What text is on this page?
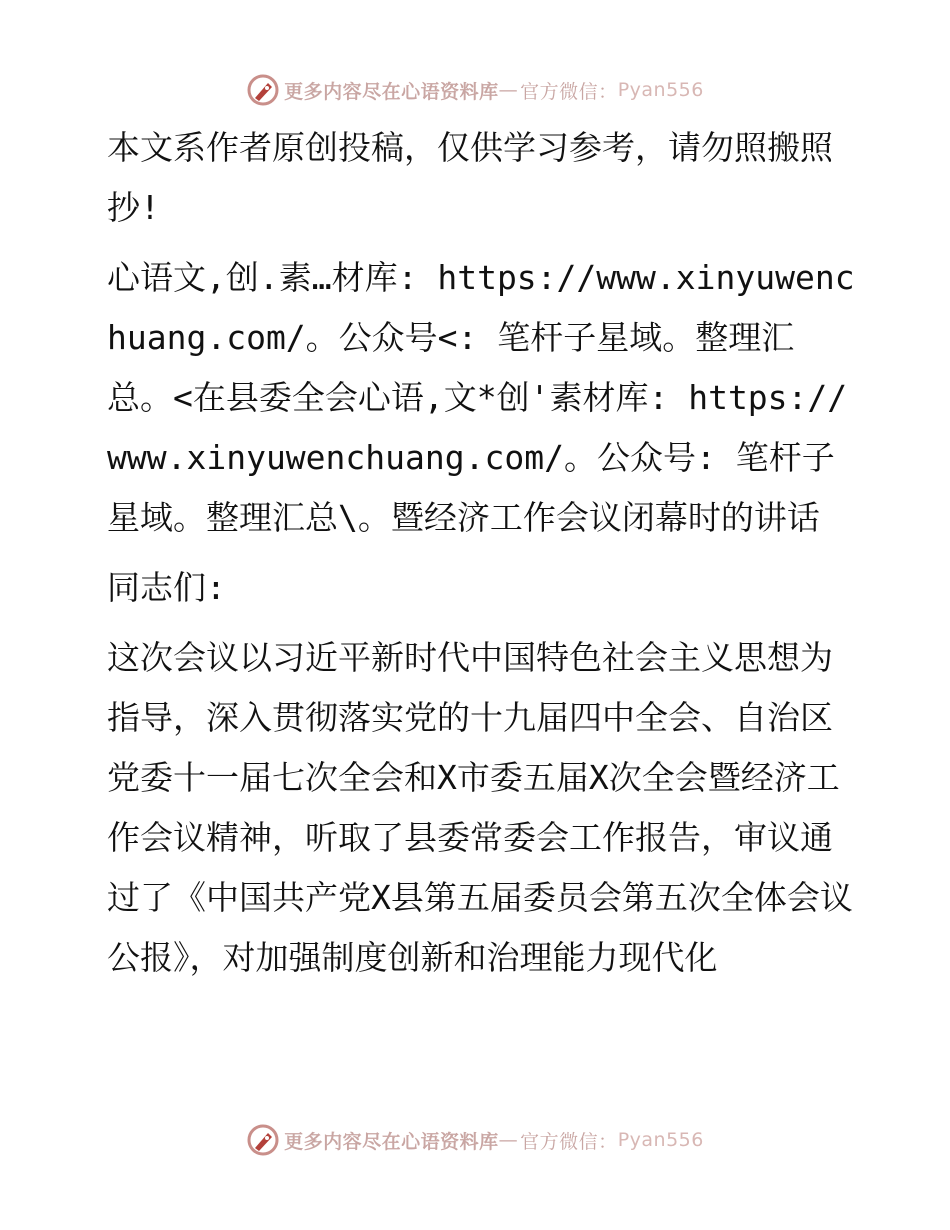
更多内容尽在心语资料库 — 官方微信： Pyan556

本文系作者原创投稿，仅供学习参考，请勿照搬照抄!

心语文,创.素…材库: https://www.xinyuwenchuang.com/。公众号<: 笔杆子星域。整理汇总。<在县委全会心语,文*创'素材库: https://www.xinyuwenchuang.com/。公众号: 笔杆子星域。整理汇总\。暨经济工作会议闭幕时的讲话

同志们:

这次会议以习近平新时代中国特色社会主义思想为指导，深入贯彻落实党的十九届四中全会、自治区党委十一届七次全会和X市委五届X次全会暨经济工作会议精神，听取了县委常委会工作报告，审议通过了《中国共产党X县第五届委员会第五次全体会议公报》，对加强制度创新和治理能力现代化

更多内容尽在心语资料库 — 官方微信： Pyan556
